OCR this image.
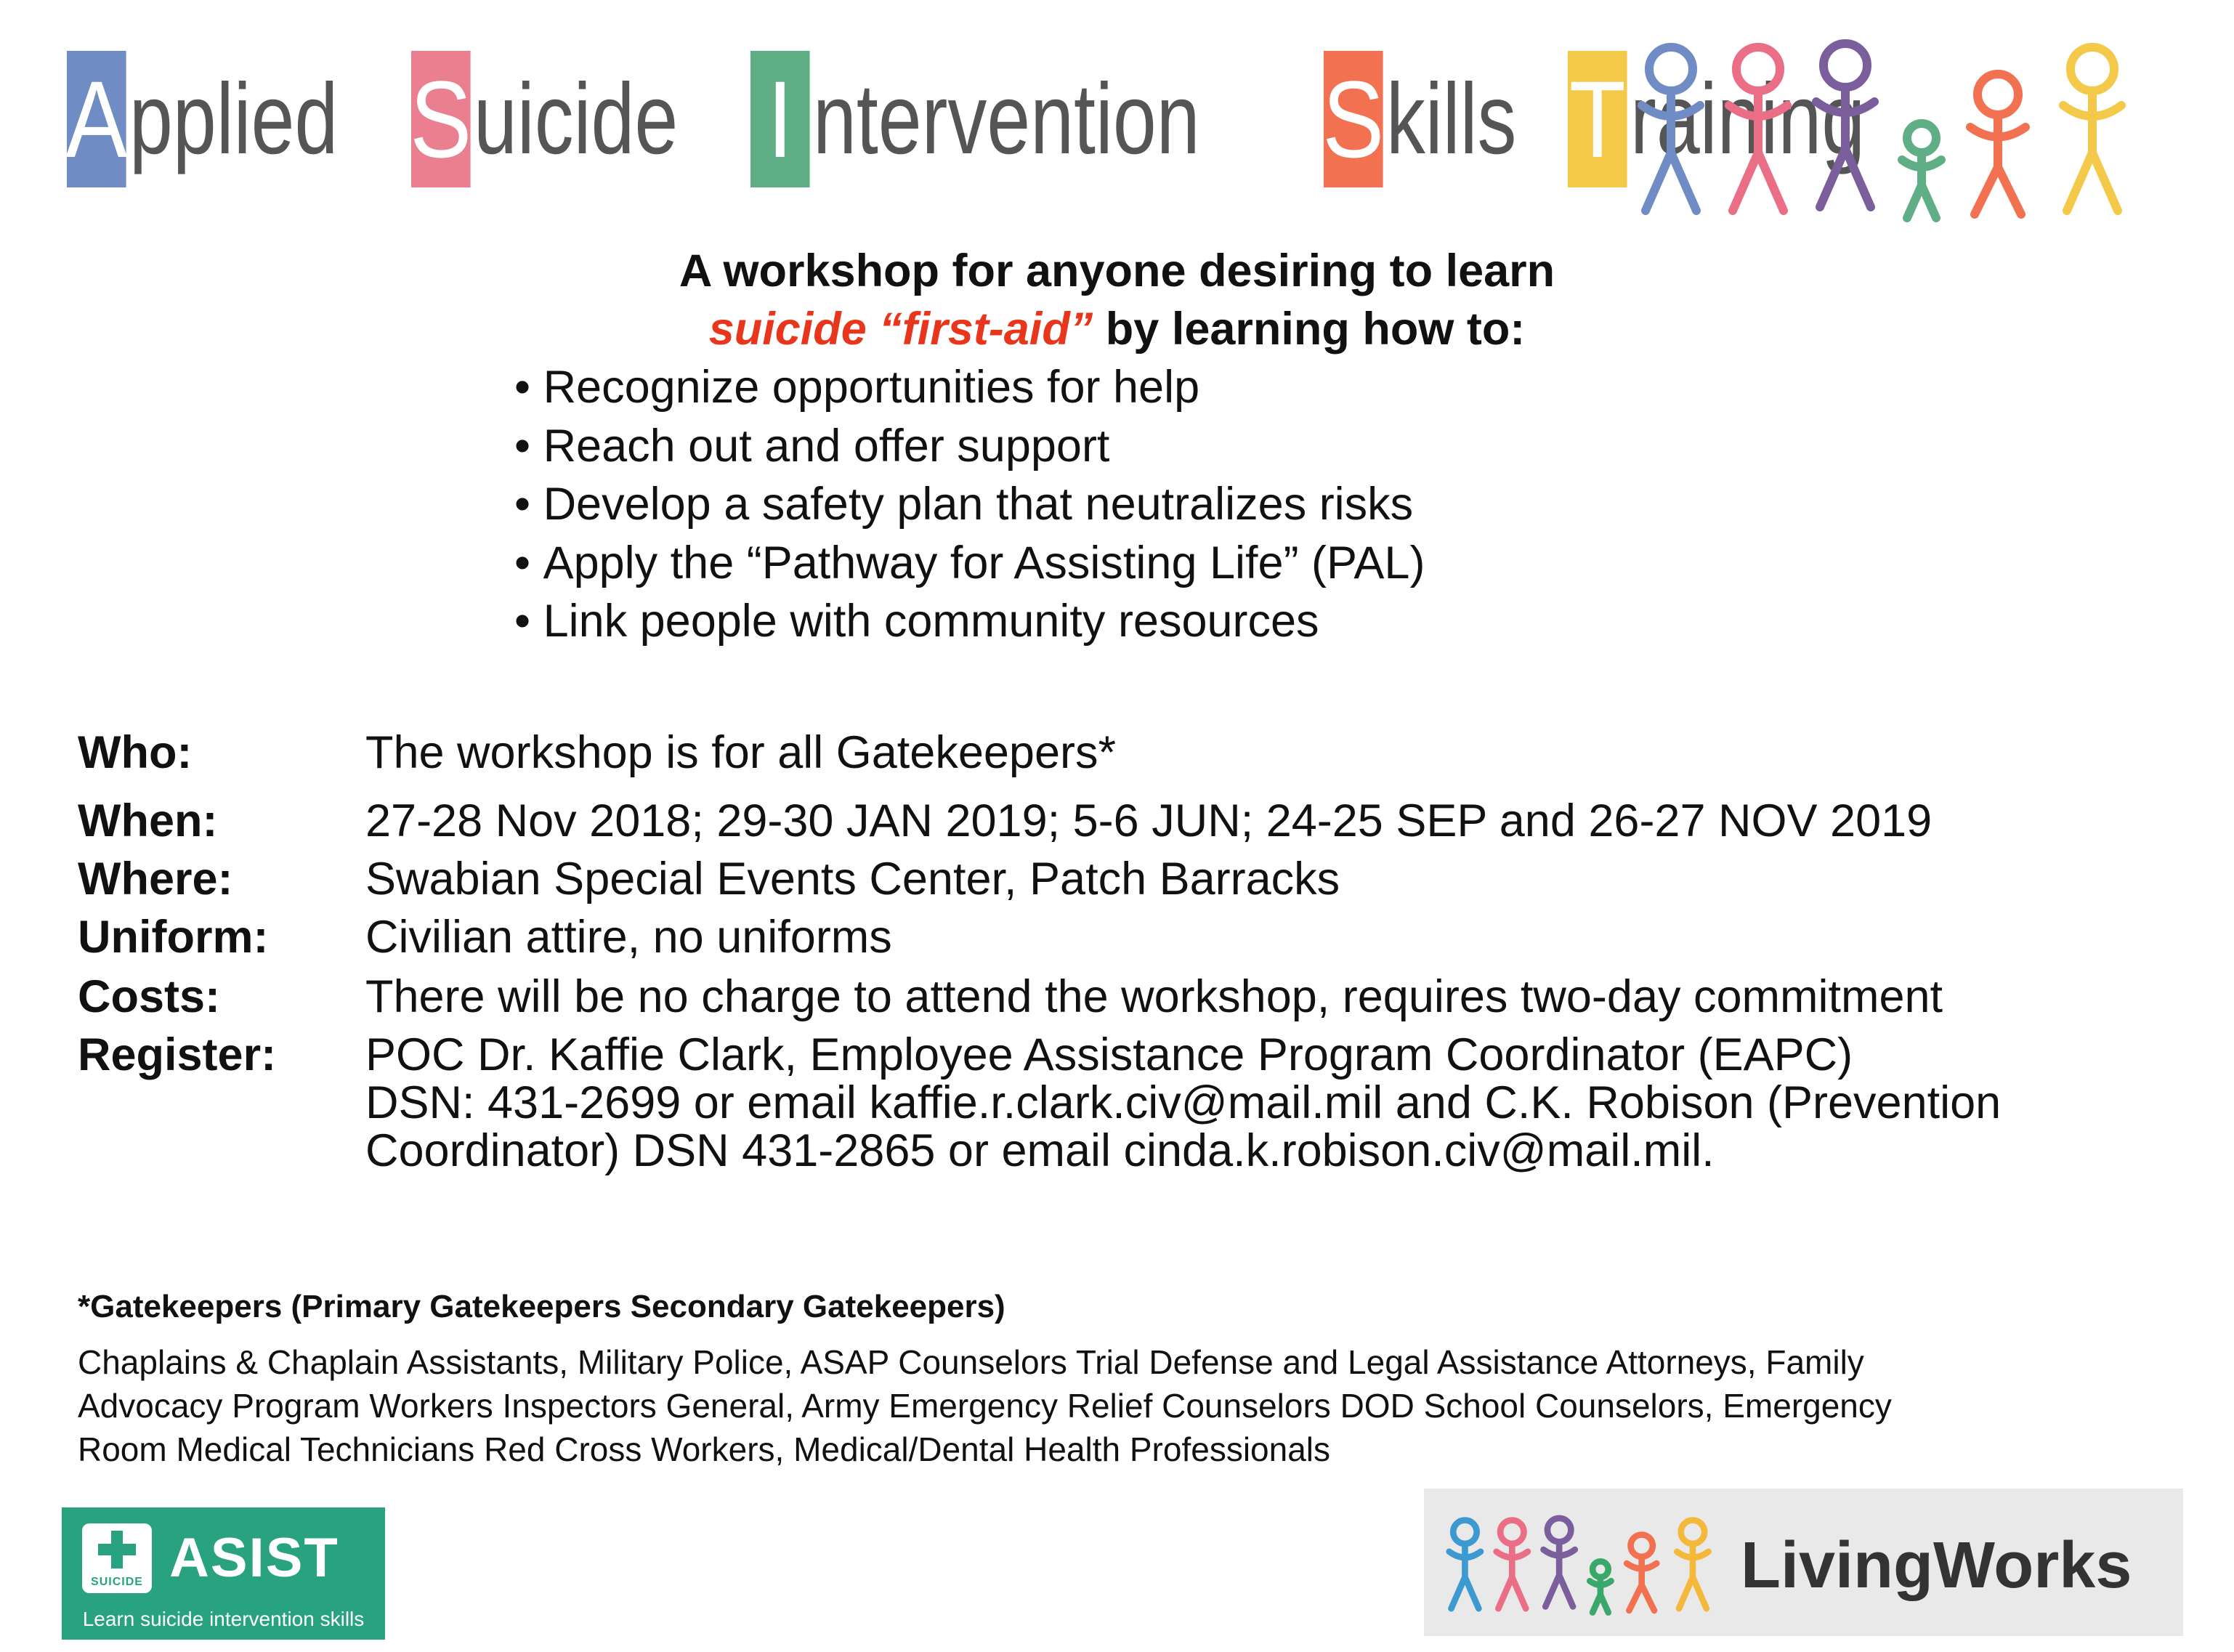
A pplied S uicide I ntervention S kills T raining
A workshop for anyone desiring to learn
suicide “first-aid” by learning how to:
• Recognize opportunities for help
• Reach out and offer support
• Develop a safety plan that neutralizes risks
• Apply the “Pathway for Assisting Life” (PAL)
• Link people with community resources
Who:	The workshop is for all Gatekeepers*
When:	27-28 Nov 2018; 29-30 JAN 2019; 5-6 JUN; 24-25 SEP and 26-27 NOV 2019
Where:	Swabian Special Events Center, Patch Barracks
Uniform: Civilian attire, no uniforms
Costs:	There will be no charge to attend the workshop, requires two-day commitment
Register: POC Dr. Kaffie Clark, Employee Assistance Program Coordinator (EAPC)
DSN: 431-2699 or email kaffie.r.clark.civ@mail.mil and C.K. Robison (Prevention
Coordinator) DSN 431-2865 or email cinda.k.robison.civ@mail.mil.
*Gatekeepers (Primary Gatekeepers Secondary Gatekeepers)
Chaplains & Chaplain Assistants, Military Police, ASAP Counselors Trial Defense and Legal Assistance Attorneys, Family
Advocacy Program Workers Inspectors General, Army Emergency Relief Counselors DOD School Counselors, Emergency
Room Medical Technicians Red Cross Workers, Medical/Dental Health Professionals
SUICIDE ASIST
Learn suicide intervention skills
LivingWorks
